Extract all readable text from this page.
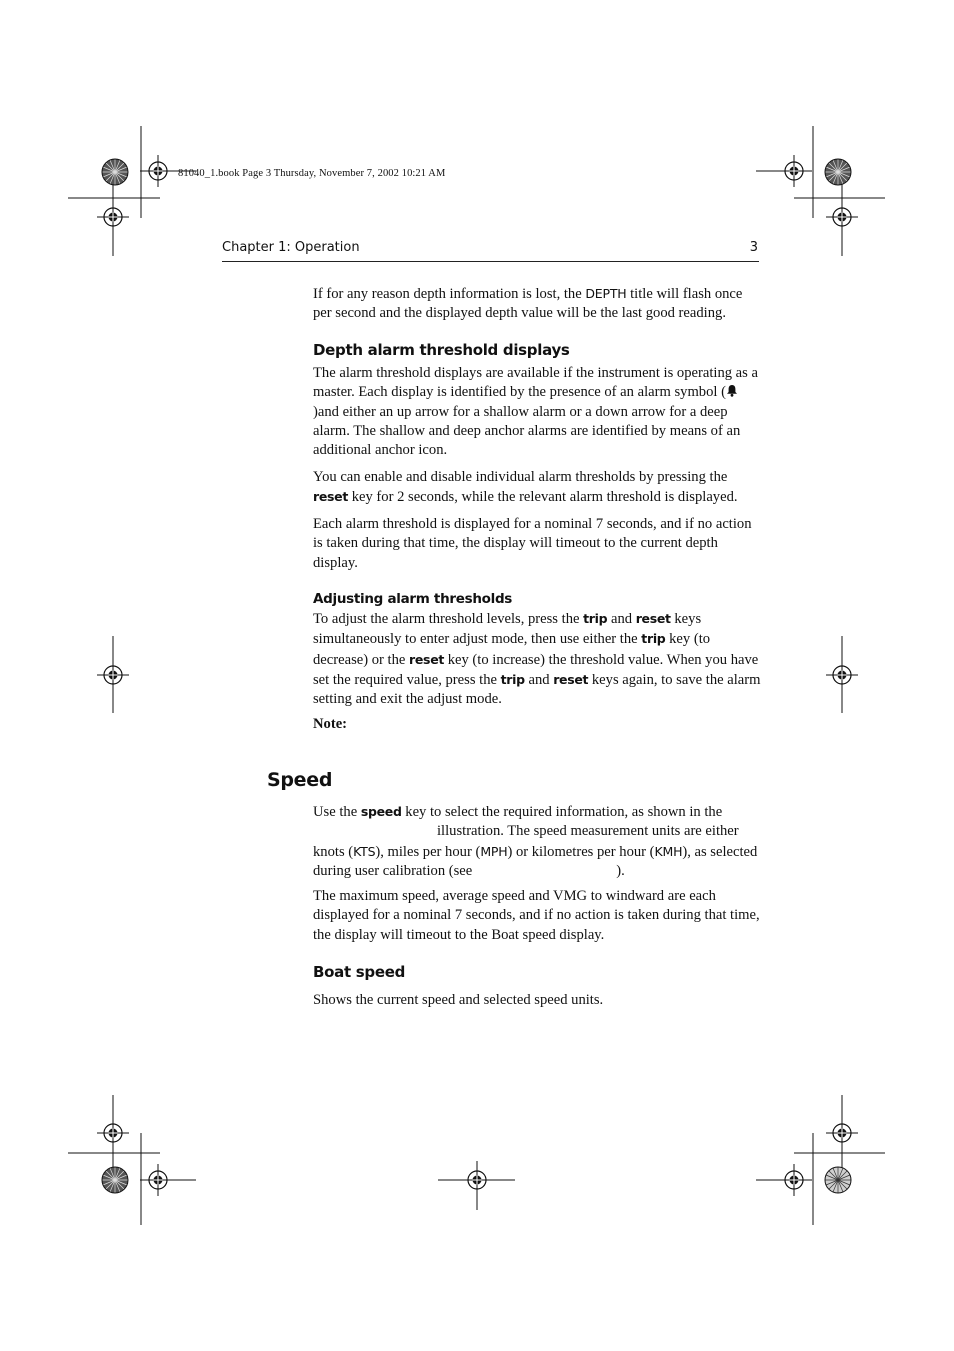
81040_1.book Page 3 Thursday, November 7, 2002 10:21 AM
Chapter 1: Operation	3

If for any reason depth information is lost, the DEPTH title will flash once per second and the displayed depth value will be the last good reading.

Depth alarm threshold displays

The alarm threshold displays are available if the instrument is operating as a master. Each display is identified by the presence of an alarm symbol ()and either an up arrow for a shallow alarm or a down arrow for a deep alarm. The shallow and deep anchor alarms are identified by means of an additional anchor icon.

You can enable and disable individual alarm thresholds by pressing the reset key for 2 seconds, while the relevant alarm threshold is displayed.

Each alarm threshold is displayed for a nominal 7 seconds, and if no action is taken during that time, the display will timeout to the current depth display.

Adjusting alarm thresholds

To adjust the alarm threshold levels, press the trip and reset keys simultaneously to enter adjust mode, then use either the trip key (to decrease) or the reset key (to increase) the threshold value. When you have set the required value, press the trip and reset keys again, to save the alarm setting and exit the adjust mode.

Note:
Speed

Use the speed key to select the required information, as shown in the
illustration. The speed measurement units are either knots (KTS), miles per hour (MPH) or kilometres per hour (KMH), as selected during user calibration (see	).

The maximum speed, average speed and VMG to windward are each displayed for a nominal 7 seconds, and if no action is taken during that time, the display will timeout to the Boat speed display.

Boat speed

Shows the current speed and selected speed units.
